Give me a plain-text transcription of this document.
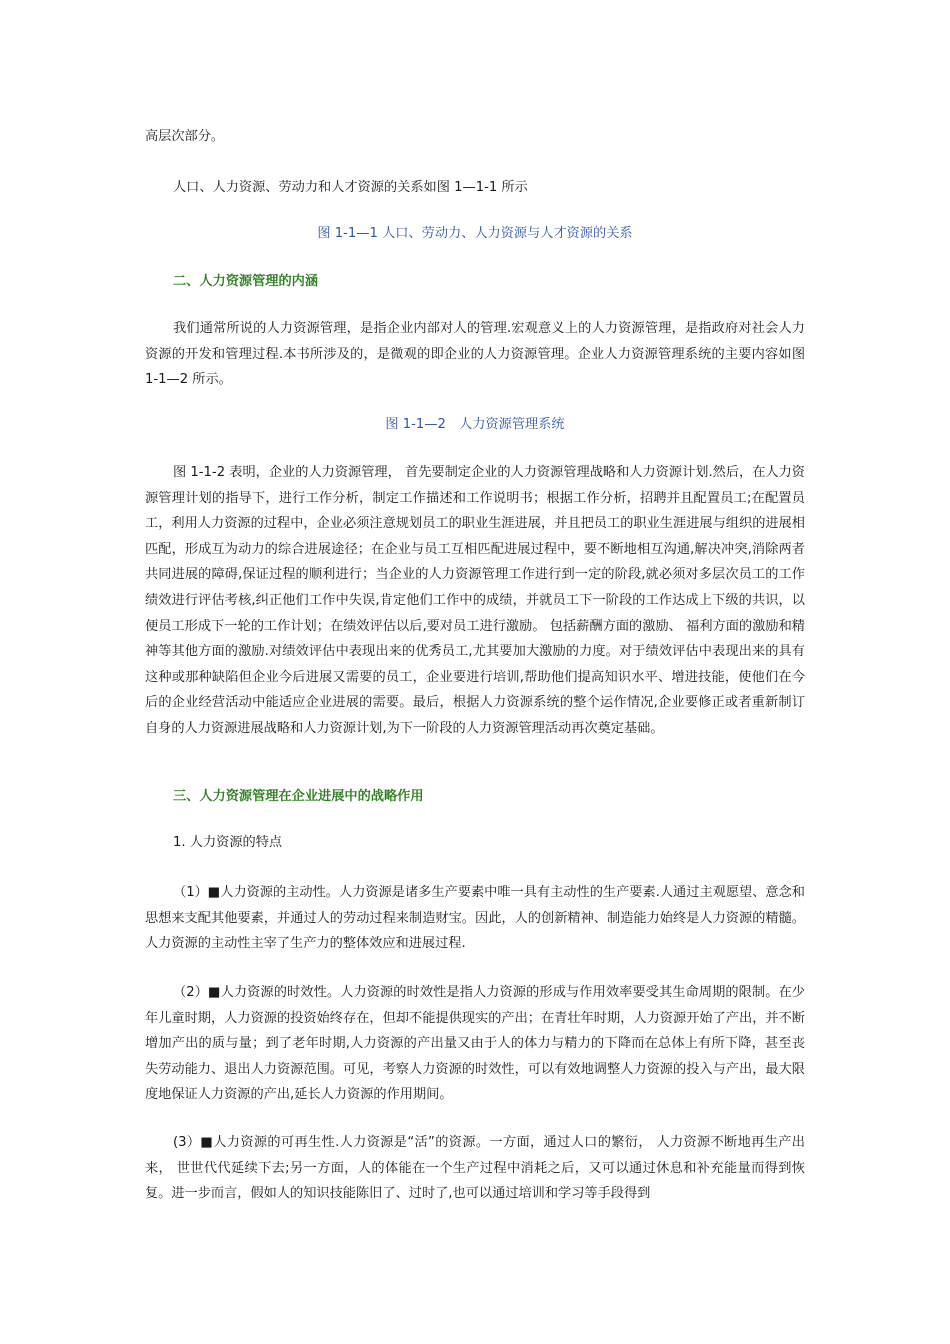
高层次部分。

人口、人力资源、劳动力和人才资源的关系如图 1—1-1 所示

图 1-1—1 人口、劳动力、人力资源与人才资源的关系

二、人力资源管理的内涵

我们通常所说的人力资源管理，是指企业内部对人的管理.宏观意义上的人力资源管理，是指政府对社会人力资源的开发和管理过程.本书所涉及的，是微观的即企业的人力资源管理。企业人力资源管理系统的主要内容如图 1-1—2 所示。

图 1-1—2　人力资源管理系统

图 1-1-2 表明，企业的人力资源管理， 首先要制定企业的人力资源管理战略和人力资源计划.然后，在人力资源管理计划的指导下，进行工作分析，制定工作描述和工作说明书；根据工作分析，招聘并且配置员工;在配置员工，利用人力资源的过程中，企业必须注意规划员工的职业生涯进展，并且把员工的职业生涯进展与组织的进展相匹配，形成互为动力的综合进展途径；在企业与员工互相匹配进展过程中，要不断地相互沟通,解决冲突,消除两者共同进展的障碍,保证过程的顺利进行；当企业的人力资源管理工作进行到一定的阶段,就必须对多层次员工的工作绩效进行评估考核,纠正他们工作中失误,肯定他们工作中的成绩，并就员工下一阶段的工作达成上下级的共识，以便员工形成下一轮的工作计划；在绩效评估以后,要对员工进行激励。 包括薪酬方面的激励、 福利方面的激励和精神等其他方面的激励.对绩效评估中表现出来的优秀员工,尤其要加大激励的力度。对于绩效评估中表现出来的具有这种或那种缺陷但企业今后进展又需要的员工，企业要进行培训,帮助他们提高知识水平、增进技能，使他们在今后的企业经营活动中能适应企业进展的需要。最后，根据人力资源系统的整个运作情况,企业要修正或者重新制订自身的人力资源进展战略和人力资源计划,为下一阶段的人力资源管理活动再次奠定基础。

三、人力资源管理在企业进展中的战略作用

1. 人力资源的特点

（1）■人力资源的主动性。人力资源是诸多生产要素中唯一具有主动性的生产要素.人通过主观愿望、意念和思想来支配其他要素，并通过人的劳动过程来制造财宝。因此，人的创新精神、制造能力始终是人力资源的精髓。人力资源的主动性主宰了生产力的整体效应和进展过程.

（2）■人力资源的时效性。人力资源的时效性是指人力资源的形成与作用效率要受其生命周期的限制。在少年儿童时期，人力资源的投资始终存在，但却不能提供现实的产出；在青壮年时期，人力资源开始了产出，并不断增加产出的质与量；到了老年时期,人力资源的产出量又由于人的体力与精力的下降而在总体上有所下降，甚至丧失劳动能力、退出人力资源范围。可见，考察人力资源的时效性，可以有效地调整人力资源的投入与产出，最大限度地保证人力资源的产出,延长人力资源的作用期间。

(3）■人力资源的可再生性.人力资源是“活”的资源。一方面，通过人口的繁衍， 人力资源不断地再生产出来， 世世代代延续下去;另一方面，人的体能在一个生产过程中消耗之后，又可以通过休息和补充能量而得到恢复。进一步而言，假如人的知识技能陈旧了、过时了,也可以通过培训和学习等手段得到
